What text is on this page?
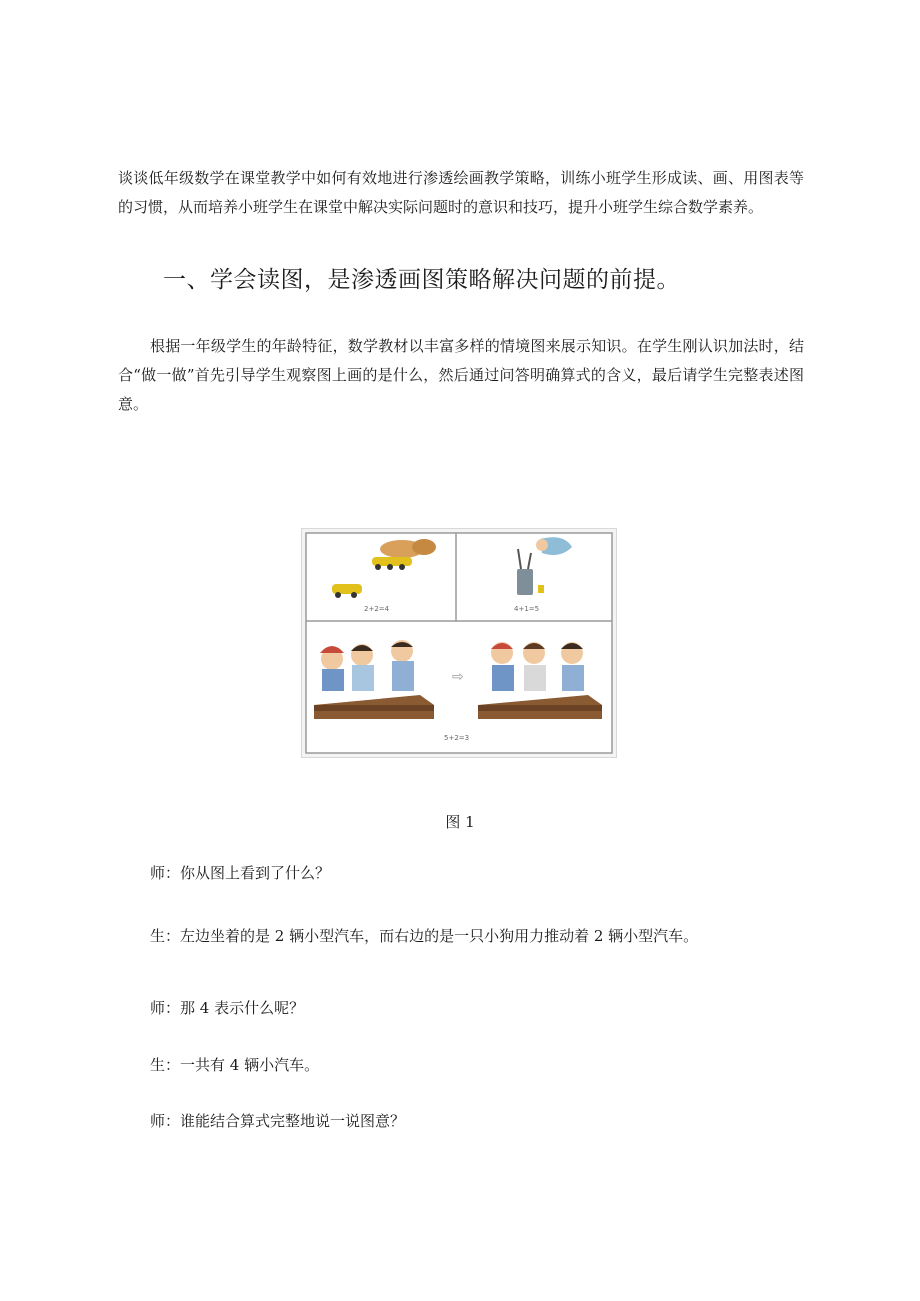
谈谈低年级数学在课堂教学中如何有效地进行渗透绘画教学策略，训练小班学生形成读、画、用图表等的习惯，从而培养小班学生在课堂中解决实际问题时的意识和技巧，提升小班学生综合数学素养。

一、学会读图，是渗透画图策略解决问题的前提。

根据一年级学生的年龄特征，数学教材以丰富多样的情境图来展示知识。在学生刚认识加法时，结合“做一做”首先引导学生观察图上画的是什么，然后通过问答明确算式的含义，最后请学生完整表述图意。

2+2=4	4+1=5
⇨
5+2=3
图 1

师：你从图上看到了什么？

生：左边坐着的是 2 辆小型汽车，而右边的是一只小狗用力推动着 2 辆小型汽车。

师：那 4 表示什么呢？

生：一共有 4 辆小汽车。

师：谁能结合算式完整地说一说图意？
